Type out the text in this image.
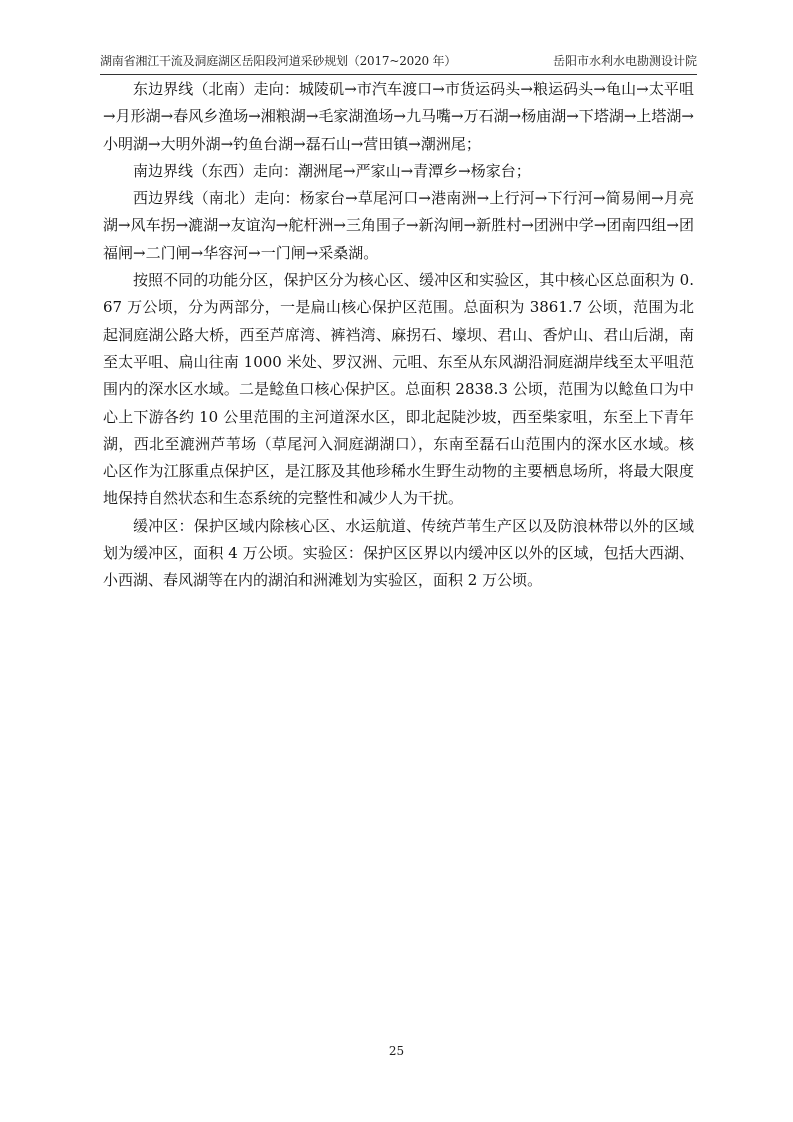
湖南省湘江干流及洞庭湖区岳阳段河道采砂规划（2017~2020 年）	岳阳市水利水电勘测设计院

东边界线（北南）走向：城陵矶→市汽车渡口→市货运码头→粮运码头→龟山→太平咀→月形湖→春风乡渔场→湘粮湖→毛家湖渔场→九马嘴→万石湖→杨庙湖→下塔湖→上塔湖→小明湖→大明外湖→钓鱼台湖→磊石山→营田镇→潮洲尾；

南边界线（东西）走向：潮洲尾→严家山→青潭乡→杨家台；

西边界线（南北）走向：杨家台→草尾河口→港南洲→上行河→下行河→简易闸→月亮湖→风车拐→漉湖→友谊沟→舵杆洲→三角围子→新沟闸→新胜村→团洲中学→团南四组→团福闸→二门闸→华容河→一门闸→采桑湖。

按照不同的功能分区，保护区分为核心区、缓冲区和实验区，其中核心区总面积为 0.67 万公顷，分为两部分，一是扁山核心保护区范围。总面积为 3861.7 公顷，范围为北起洞庭湖公路大桥，西至芦席湾、裤裆湾、麻拐石、壕坝、君山、香炉山、君山后湖，南至太平咀、扁山往南 1000 米处、罗汉洲、元咀、东至从东风湖沿洞庭湖岸线至太平咀范围内的深水区水域。二是鲶鱼口核心保护区。总面积 2838.3 公顷，范围为以鲶鱼口为中心上下游各约 10 公里范围的主河道深水区，即北起陡沙坡，西至柴家咀，东至上下青年湖，西北至漉洲芦苇场（草尾河入洞庭湖湖口），东南至磊石山范围内的深水区水域。核心区作为江豚重点保护区，是江豚及其他珍稀水生野生动物的主要栖息场所，将最大限度地保持自然状态和生态系统的完整性和减少人为干扰。

缓冲区：保护区域内除核心区、水运航道、传统芦苇生产区以及防浪林带以外的区域划为缓冲区，面积 4 万公顷。实验区：保护区区界以内缓冲区以外的区域，包括大西湖、小西湖、春风湖等在内的湖泊和洲滩划为实验区，面积 2 万公顷。

25
